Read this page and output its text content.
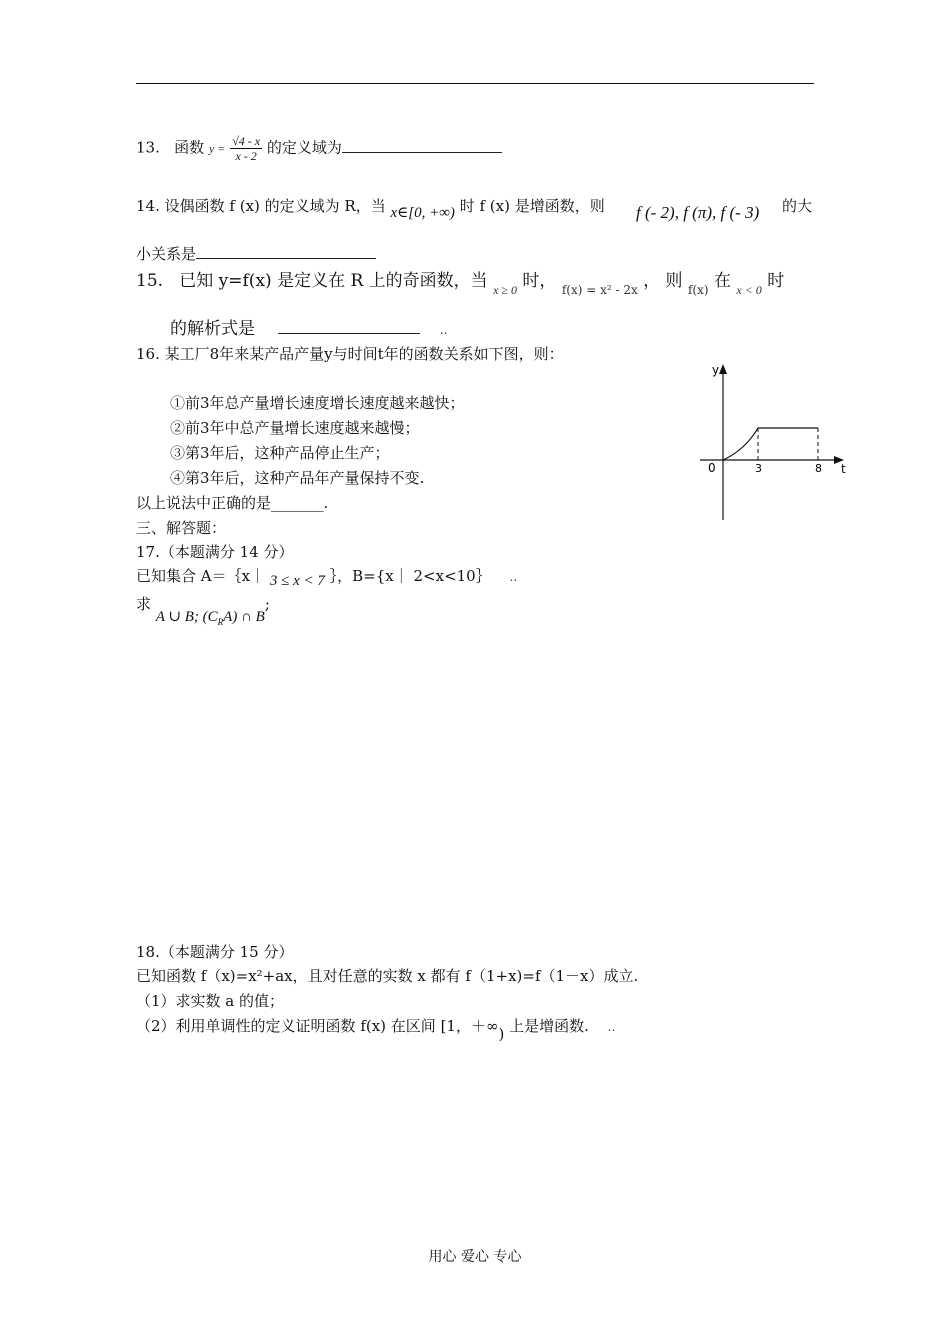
13. 函数 $y = \frac{√4 - x}{x - 2}$ 的定义域为
14. 设偶函数 f (x) 的定义域为 R，当 x∈[0, +∞) 时 f (x) 是增函数，则 f (- 2), f (π), f (- 3) 的大
小关系是
15. 已知 y=f(x) 是定义在 R 上的奇函数，当 $_{x \ge 0}$ 时， $_{f(x) = x^2 - 2x}$ ， 则 $_{f(x)}$ 在 $_{x < 0}$ 时
的解析式是	..
16. 某工厂8年来某产品产量y与时间t年的函数关系如下图，则：
①前3年总产量增长速度增长速度越来越快；
②前3年中总产量增长速度越来越慢；
③第3年后，这种产品停止生产；
④第3年后，这种产品年产量保持不变.
以上说法中正确的是_______.
y
t
0	3	8
三、解答题：
17.（本题满分 14 分）
已知集合 A＝｛x｜ 3 ≤ x < 7 ｝，B={x｜ 2<x<10｝ ..
求 A ∪ B; $(C_RA)$ ∩ B;
18.（本题满分 15 分）
已知函数 f（x)=x²+ax，且对任意的实数 x 都有 f（1+x)=f（1－x）成立.
（1）求实数 a 的值；
（2）利用单调性的定义证明函数 f(x) 在区间 [1，＋∞) 上是增函数. ..
用心 爱心 专心
